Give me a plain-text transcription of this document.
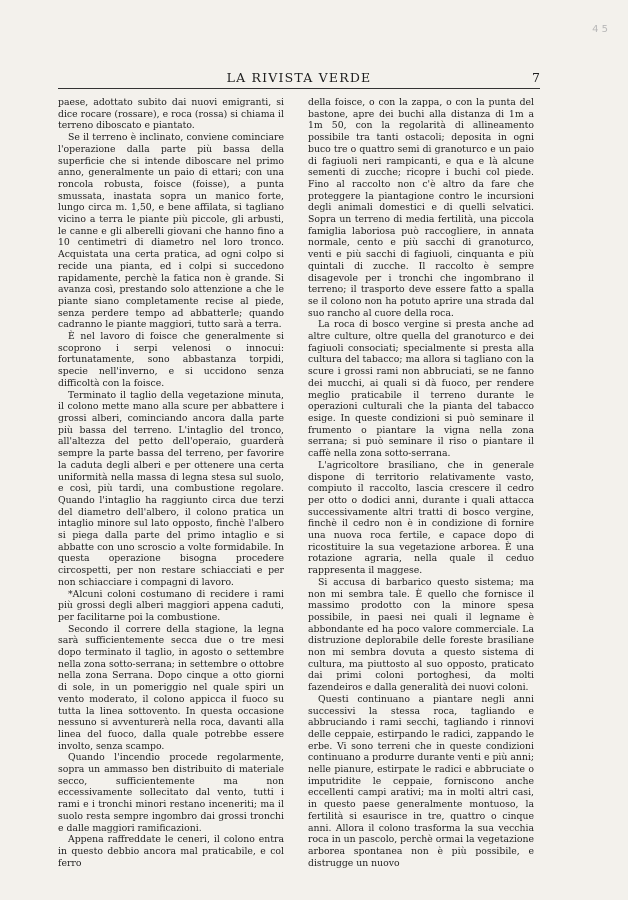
4 5
LA RIVISTA VERDE	7

paese, adottato subito dai nuovi emigranti, si dice rocare (rossare), e roca (rossa) si chiama il terreno diboscato e piantato.

Se il terreno è inclinato, conviene cominciare l'operazione dalla parte più bassa della superficie che si intende diboscare nel primo anno, generalmente un paio di ettari; con una roncola robusta, foisce (foisse), a punta smussata, inastata sopra un manico forte, lungo circa m. 1,50, e bene affilata, si tagliano vicino a terra le piante più piccole, gli arbusti, le canne e gli alberelli giovani che hanno fino a 10 centimetri di diametro nel loro tronco. Acquistata una certa pratica, ad ogni colpo si recide una pianta, ed i colpi si succedono rapidamente, perchè la fatica non è grande. Si avanza così, prestando solo attenzione a che le piante siano completamente recise al piede, senza perdere tempo ad abbatterle; quando cadranno le piante maggiori, tutto sarà a terra.

È nel lavoro di foisce che generalmente si scoprono i serpi velenosi o innocui: fortunatamente, sono abbastanza torpidi, specie nell'inverno, e si uccidono senza difficoltà con la foisce.

Terminato il taglio della vegetazione minuta, il colono mette mano alla scure per abbattere i grossi alberi, cominciando ancora dalla parte più bassa del terreno. L'intaglio del tronco, all'altezza del petto dell'operaio, guarderà sempre la parte bassa del terreno, per favorire la caduta degli alberi e per ottenere una certa uniformità nella massa di legna stesa sul suolo, e così, più tardi, una combustione regolare. Quando l'intaglio ha raggiunto circa due terzi del diametro dell'albero, il colono pratica un intaglio minore sul lato opposto, finchè l'albero si piega dalla parte del primo intaglio e si abbatte con uno scroscio a volte formidabile. In questa operazione bisogna procedere circospetti, per non restare schiacciati e per non schiacciare i compagni di lavoro.

*Alcuni coloni costumano di recidere i rami più grossi degli alberi maggiori appena caduti, per facilitarne poi la combustione.

Secondo il correre della stagione, la legna sarà sufficientemente secca due o tre mesi dopo terminato il taglio, in agosto o settembre nella zona sotto-serrana; in settembre o ottobre nella zona Serrana. Dopo cinque a otto giorni di sole, in un pomeriggio nel quale spiri un vento moderato, il colono appicca il fuoco su tutta la linea sottovento. In questa occasione nessuno si avventurerà nella roca, davanti alla linea del fuoco, dalla quale potrebbe essere involto, senza scampo.

Quando l'incendio procede regolarmente, sopra un ammasso ben distribuito di materiale secco, sufficientemente ma non eccessivamente sollecitato dal vento, tutti i rami e i tronchi minori restano inceneriti; ma il suolo resta sempre ingombro dai grossi tronchi e dalle maggiori ramificazioni.

Appena raffreddate le ceneri, il colono entra in questo debbio ancora mal praticabile, e col ferro

della foisce, o con la zappa, o con la punta del bastone, apre dei buchi alla distanza di 1m a 1m 50, con la regolarità di allineamento possibile tra tanti ostacoli; deposita in ogni buco tre o quattro semi di granoturco e un paio di fagiuoli neri rampicanti, e qua e là alcune sementi di zucche; ricopre i buchi col piede. Fino al raccolto non c'è altro da fare che proteggere la piantagione contro le incursioni degli animali domestici e di quelli selvatici. Sopra un terreno di media fertilità, una piccola famiglia laboriosa può raccogliere, in annata normale, cento e più sacchi di granoturco, venti e più sacchi di fagiuoli, cinquanta e più quintali di zucche. Il raccolto è sempre disagevole per i tronchi che ingombrano il terreno; il trasporto deve essere fatto a spalla se il colono non ha potuto aprire una strada dal suo rancho al cuore della roca.

La roca di bosco vergine si presta anche ad altre culture, oltre quella del granoturco e dei fagiuoli consociati; specialmente si presta alla cultura del tabacco; ma allora si tagliano con la scure i grossi rami non abbruciati, se ne fanno dei mucchi, ai quali si dà fuoco, per rendere meglio praticabile il terreno durante le operazioni culturali che la pianta del tabacco esige. In queste condizioni si può seminare il frumento o piantare la vigna nella zona serrana; si può seminare il riso o piantare il caffè nella zona sotto-serrana.

L'agricoltore brasiliano, che in generale dispone di territorio relativamente vasto, compiuto il raccolto, lascia crescere il cedro per otto o dodici anni, durante i quali attacca successivamente altri tratti di bosco vergine, finchè il cedro non è in condizione di fornire una nuova roca fertile, e capace dopo di ricostituire la sua vegetazione arborea. È una rotazione agraria, nella quale il ceduo rappresenta il maggese.

Si accusa di barbarico questo sistema; ma non mi sembra tale. È quello che fornisce il massimo prodotto con la minore spesa possibile, in paesi nei quali il legname è abbondante ed ha poco valore commerciale. La distruzione deplorabile delle foreste brasiliane non mi sembra dovuta a questo sistema di cultura, ma piuttosto al suo opposto, praticato dai primi coloni portoghesi, da molti fazendeiros e dalla generalità dei nuovi coloni.

Questi continuano a piantare negli anni successivi la stessa roca, tagliando e abbruciando i rami secchi, tagliando i rinnovi delle ceppaie, estirpando le radici, zappando le erbe. Vi sono terreni che in queste condizioni continuano a produrre durante venti e più anni; nelle pianure, estirpate le radici e abbruciate o imputridite le ceppaie, forniscono anche eccellenti campi arativi; ma in molti altri casi, in questo paese generalmente montuoso, la fertilità si esaurisce in tre, quattro o cinque anni. Allora il colono trasforma la sua vecchia roca in un pascolo, perchè ormai la vegetazione arborea spontanea non è più possibile, e distrugge un nuovo
